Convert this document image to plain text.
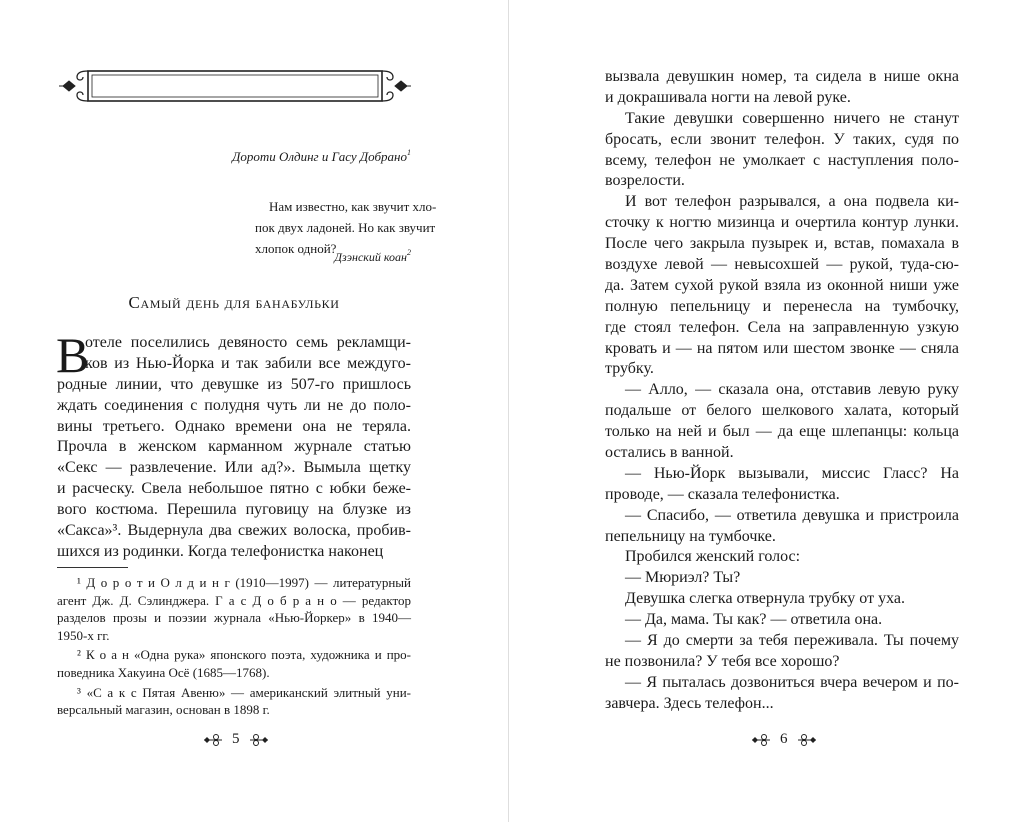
Дороти Олдинг и Гасу Добрано$^1$
Нам известно, как звучит хло-
пок двух ладоней. Но как звучит
хлопок одной?
Дзэнский коан$^2$
Самый день для банабульки
отеле поселились девяносто семь рекламщи-
ков из Нью-Йорка и так забили все междуго-
родные линии, что девушке из 507-го пришлось
ждать соединения с полудня чуть ли не до поло-
вины третьего. Однако времени она не теряла.
Прочла в женском карманном журнале статью
«Секс — развлечение. Или ад?». Вымыла щетку
и расческу. Свела небольшое пятно с юбки беже-
вого костюма. Перешила пуговицу на блузке из
«Сакса»³. Выдернула два свежих волоска, пробив-
шихся из родинки. Когда телефонистка наконец
В
¹ Д о р о т и О л д и н г (1910—1997) — литературный
агент Дж. Д. Сэлинджера. Г а с Д о б р а н о — редактор
разделов прозы и поэзии журнала «Нью-Йоркер» в 1940—
1950-х гг.
² К о а н «Одна рука» японского поэта, художника и про-
поведника Хакуина Осё (1685—1768).
³ «С а к с Пятая Авеню» — американский элитный уни-
версальный магазин, основан в 1898 г.
5
вызвала девушкин номер, та сидела в нише окна
и докрашивала ногти на левой руке.
Такие девушки совершенно ничего не станут
бросать, если звонит телефон. У таких, судя по
всему, телефон не умолкает с наступления поло-
возрелости.
И вот телефон разрывался, а она подвела ки-
сточку к ногтю мизинца и очертила контур лунки.
После чего закрыла пузырек и, встав, помахала в
воздухе левой — невысохшей — рукой, туда-сю-
да. Затем сухой рукой взяла из оконной ниши уже
полную пепельницу и перенесла на тумбочку,
где стоял телефон. Села на заправленную узкую
кровать и — на пятом или шестом звонке — сняла
трубку.
— Алло, — сказала она, отставив левую руку
подальше от белого шелкового халата, который
только на ней и был — да еще шлепанцы: кольца
остались в ванной.
— Нью-Йорк вызывали, миссис Гласс? На
проводе, — сказала телефонистка.
— Спасибо, — ответила девушка и пристроила
пепельницу на тумбочке.
Пробился женский голос:
— Мюриэл? Ты?
Девушка слегка отвернула трубку от уха.
— Да, мама. Ты как? — ответила она.
— Я до смерти за тебя переживала. Ты почему
не позвонила? У тебя все хорошо?
— Я пыталась дозвониться вчера вечером и по-
завчера. Здесь телефон...
6
